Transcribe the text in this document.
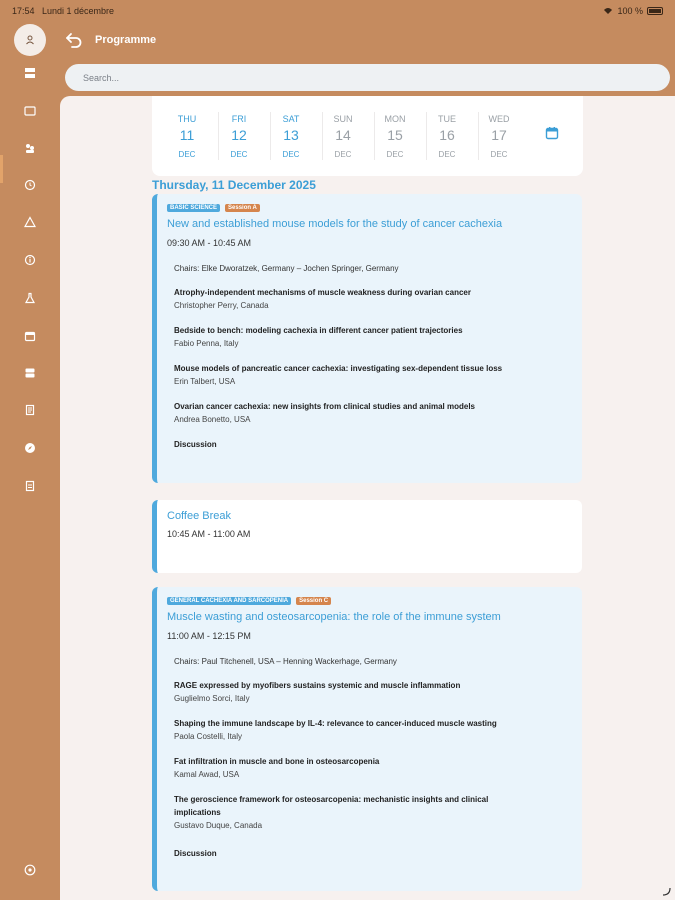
17:54 Lundi 1 décembre	100 %
Programme
Search...
THU
11
DEC
FRI
12
DEC
SAT
13
DEC
SUN
14
DEC
MON
15
DEC
TUE
16
DEC
WED
17
DEC
Thursday, 11 December 2025
BASIC SCIENCE	Session A
New and established mouse models for the study of cancer cachexia
09:30 AM - 10:45 AM
Chairs: Elke Dworatzek, Germany – Jochen Springer, Germany
Atrophy-independent mechanisms of muscle weakness during ovarian cancer
Christopher Perry, Canada
Bedside to bench: modeling cachexia in different cancer patient trajectories
Fabio Penna, Italy
Mouse models of pancreatic cancer cachexia: investigating sex-dependent tissue loss
Erin Talbert, USA
Ovarian cancer cachexia: new insights from clinical studies and animal models
Andrea Bonetto, USA
Discussion
Coffee Break
10:45 AM - 11:00 AM
GENERAL CACHEXIA AND SARCOPENIA	Session C
Muscle wasting and osteosarcopenia: the role of the immune system
11:00 AM - 12:15 PM
Chairs: Paul Titchenell, USA – Henning Wackerhage, Germany
RAGE expressed by myofibers sustains systemic and muscle inflammation
Guglielmo Sorci, Italy
Shaping the immune landscape by IL-4: relevance to cancer-induced muscle wasting
Paola Costelli, Italy
Fat infiltration in muscle and bone in osteosarcopenia
Kamal Awad, USA
The geroscience framework for osteosarcopenia: mechanistic insights and clinical implications
Gustavo Duque, Canada
Discussion
